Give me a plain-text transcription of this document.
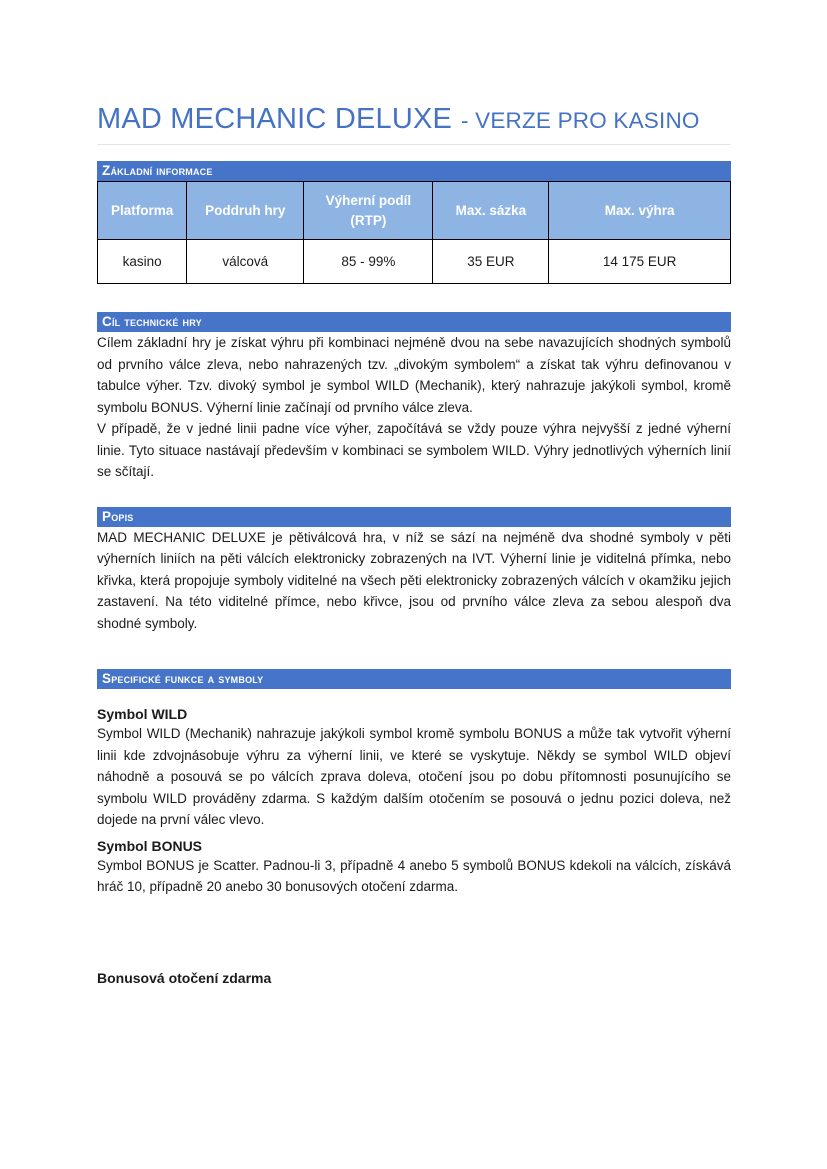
MAD MECHANIC DELUXE - VERZE PRO KASINO
Základní informace
Platforma	Poddruh hry	Výherní podíl (RTP)	Max. sázka	Max. výhra
kasino	válcová	85 - 99%	35 EUR	14 175 EUR
Cíl technické hry

Cílem základní hry je získat výhru při kombinaci nejméně dvou na sebe navazujících shodných symbolů od prvního válce zleva, nebo nahrazených tzv. „divokým symbolem“ a získat tak výhru definovanou v tabulce výher. Tzv. divoký symbol je symbol WILD (Mechanik), který nahrazuje jakýkoli symbol, kromě symbolu BONUS. Výherní linie začínají od prvního válce zleva.

V případě, že v jedné linii padne více výher, započítává se vždy pouze výhra nejvyšší z jedné výherní linie. Tyto situace nastávají především v kombinaci se symbolem WILD. Výhry jednotlivých výherních linií se sčítají.

Popis

MAD MECHANIC DELUXE je pětiválcová hra, v níž se sází na nejméně dva shodné symboly v pěti výherních liniích na pěti válcích elektronicky zobrazených na IVT. Výherní linie je viditelná přímka, nebo křivka, která propojuje symboly viditelné na všech pěti elektronicky zobrazených válcích v okamžiku jejich zastavení. Na této viditelné přímce, nebo křivce, jsou od prvního válce zleva za sebou alespoň dva shodné symboly.

Specifické funkce a symboly
Symbol WILD

Symbol WILD (Mechanik) nahrazuje jakýkoli symbol kromě symbolu BONUS a může tak vytvořit výherní linii kde zdvojnásobuje výhru za výherní linii, ve které se vyskytuje. Někdy se symbol WILD objeví náhodně a posouvá se po válcích zprava doleva, otočení jsou po dobu přítomnosti posunujícího se symbolu WILD prováděny zdarma. S každým dalším otočením se posouvá o jednu pozici doleva, než dojede na první válec vlevo.

Symbol BONUS

Symbol BONUS je Scatter. Padnou-li 3, případně 4 anebo 5 symbolů BONUS kdekoli na válcích, získává hráč 10, případně 20 anebo 30 bonusových otočení zdarma.

Bonusová otočení zdarma
